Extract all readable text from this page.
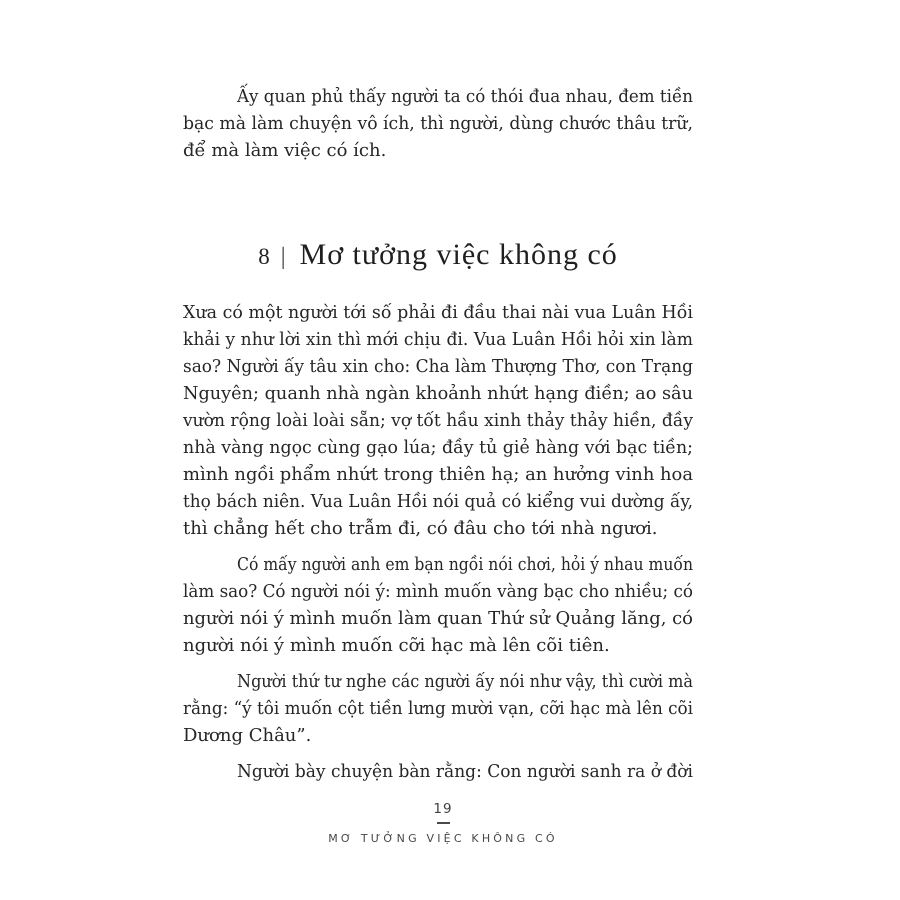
Ấy quan phủ thấy người ta có thói đua nhau, đem tiền
bạc mà làm chuyện vô ích, thì người, dùng chước thâu trữ,
để mà làm việc có ích.
8 | Mơ tưởng việc không có
Xưa có một người tới số phải đi đầu thai nài vua Luân Hồi
khải y như lời xin thì mới chịu đi. Vua Luân Hồi hỏi xin làm
sao? Người ấy tâu xin cho: Cha làm Thượng Thơ, con Trạng
Nguyên; quanh nhà ngàn khoảnh nhứt hạng điền; ao sâu
vườn rộng loài loài sẵn; vợ tốt hầu xinh thảy thảy hiền, đầy
nhà vàng ngọc cùng gạo lúa; đầy tủ giẻ hàng với bạc tiền;
mình ngồi phẩm nhứt trong thiên hạ; an hưởng vinh hoa
thọ bách niên. Vua Luân Hồi nói quả có kiểng vui dường ấy,
thì chẳng hết cho trẫm đi, có đâu cho tới nhà ngươi.
Có mấy người anh em bạn ngồi nói chơi, hỏi ý nhau muốn
làm sao? Có người nói ý: mình muốn vàng bạc cho nhiều; có
người nói ý mình muốn làm quan Thứ sử Quảng lăng, có
người nói ý mình muốn cỡi hạc mà lên cõi tiên.
Người thứ tư nghe các người ấy nói như vậy, thì cười mà
rằng: “ý tôi muốn cột tiền lưng mười vạn, cỡi hạc mà lên cõi
Dương Châu”.
Người bày chuyện bàn rằng: Con người sanh ra ở đời
19
MƠ TƯỞNG VIỆC KHÔNG CÓ
